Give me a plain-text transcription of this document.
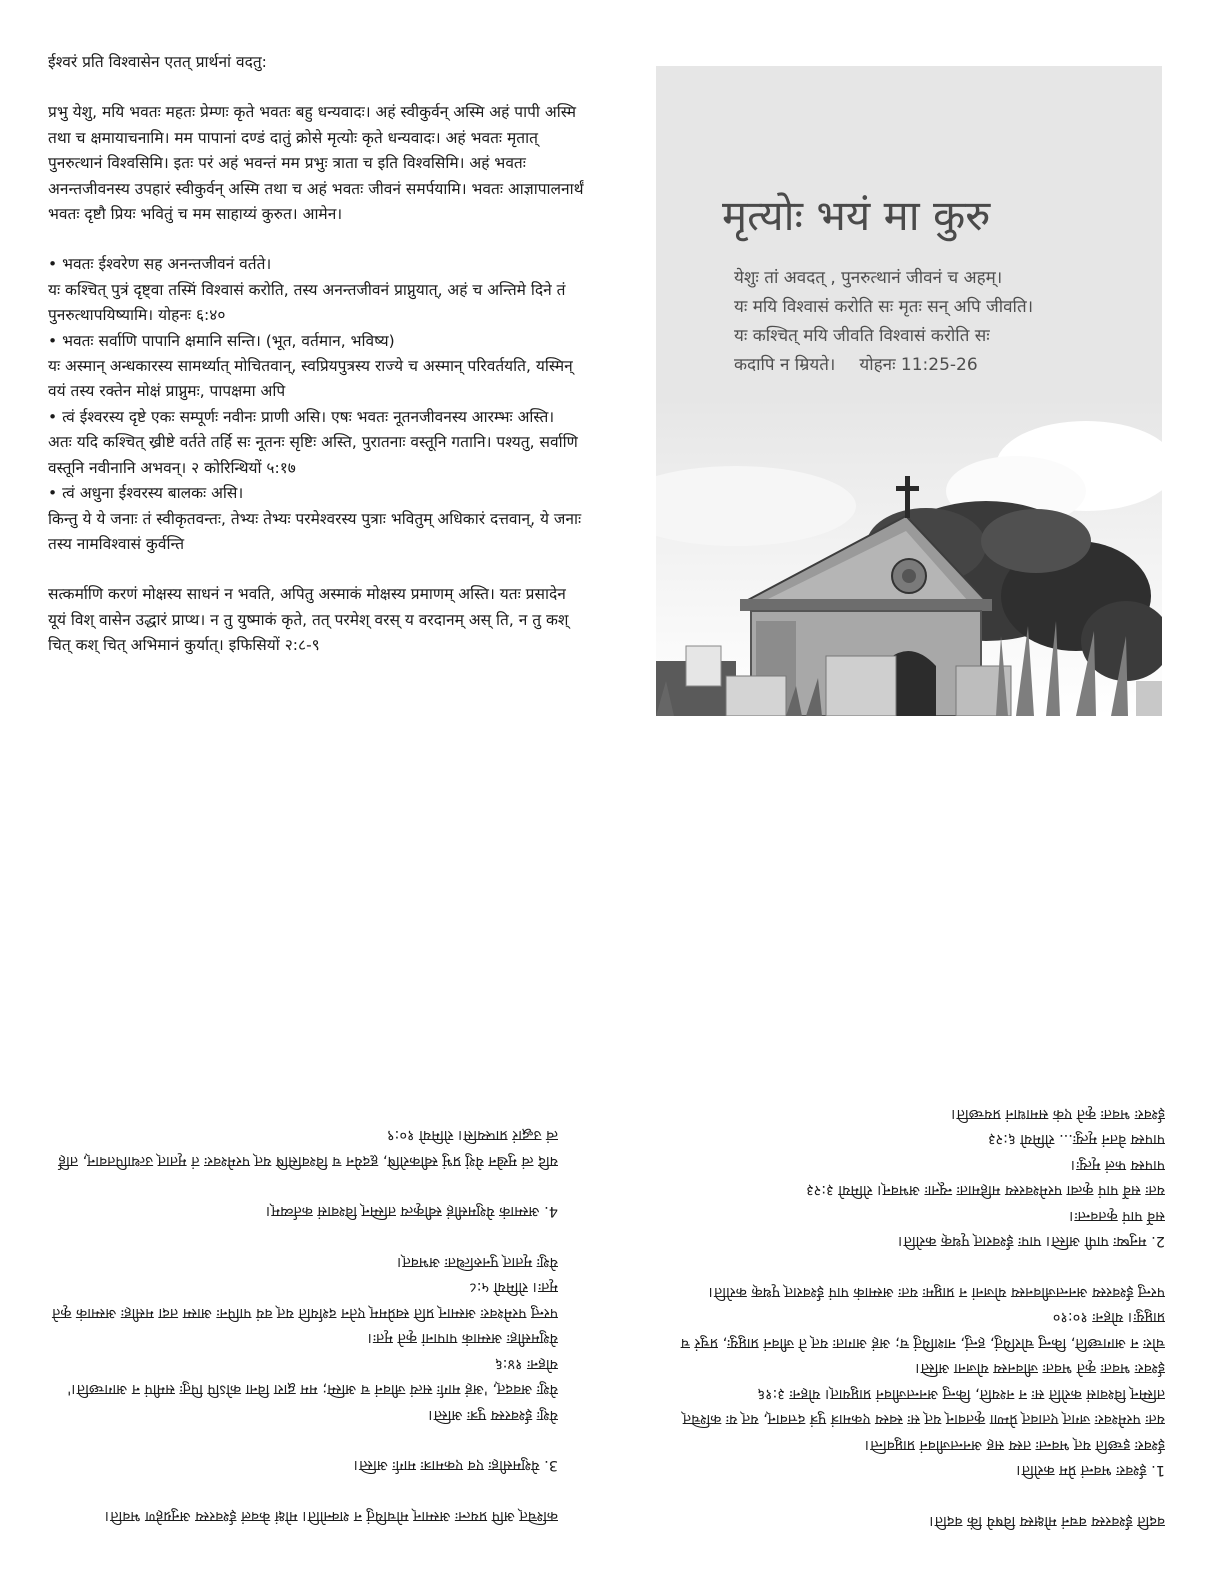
ईश्वरं प्रति विश्वासेन एतत् प्रार्थनां वदतु:

प्रभु येशु, मयि भवतः महतः प्रेम्णः कृते भवतः बहु धन्यवादः। अहं स्वीकुर्वन् अस्मि अहं पापी अस्मि तथा च क्षमायाचनामि। मम पापानां दण्डं दातुं क्रोसे मृत्योः कृते धन्यवादः। अहं भवतः मृतात् पुनरुत्थानं विश्वसिमि। इतः परं अहं भवन्तं मम प्रभुः त्राता च इति विश्वसिमि। अहं भवतः अनन्तजीवनस्य उपहारं स्वीकुर्वन् अस्मि तथा च अहं भवतः जीवनं समर्पयामि। भवतः आज्ञापालनार्थं भवतः दृष्टौ प्रियः भवितुं च मम साहाय्यं कुरुत। आमेन।

• भवतः ईश्वरेण सह अनन्तजीवनं वर्तते।

यः कश्चित् पुत्रं दृष्ट्वा तस्मिं विश्वासं करोति, तस्य अनन्तजीवनं प्राप्नुयात्, अहं च अन्तिमे दिने तं पुनरुत्थापयिष्यामि। योहनः ६:४०

• भवतः सर्वाणि पापानि क्षमानि सन्ति। (भूत, वर्तमान, भविष्य)

यः अस्मान् अन्धकारस्य सामर्थ्यात् मोचितवान्, स्वप्रियपुत्रस्य राज्ये च अस्मान् परिवर्तयति, यस्मिन् वयं तस्य रक्तेन मोक्षं प्राप्नुमः, पापक्षमा अपि

• त्वं ईश्वरस्य दृष्टे एकः सम्पूर्णः नवीनः प्राणी असि। एषः भवतः नूतनजीवनस्य आरम्भः अस्ति।

अतः यदि कश्चित् ख्रीष्टे वर्तते तर्हि सः नूतनः सृष्टिः अस्ति, पुरातनाः वस्तूनि गतानि। पश्यतु, सर्वाणि वस्तूनि नवीनानि अभवन्। २ कोरिन्थियों ५:१७

• त्वं अधुना ईश्वरस्य बालकः असि।

किन्तु ये ये जनाः तं स्वीकृतवन्तः, तेभ्यः तेभ्यः परमेश्वरस्य पुत्राः भवितुम् अधिकारं दत्तवान्, ये जनाः तस्य नामविश्वासं कुर्वन्ति

सत्कर्माणि करणं मोक्षस्य साधनं न भवति, अपितु अस्माकं मोक्षस्य प्रमाणम् अस्ति। यतः प्रसादेन यूयं विश् वासेन उद्धारं प्राप्थ। न तु युष्माकं कृते, तत् परमेश् वरस् य वरदानम् अस् ति, न तु कश् चित् कश् चित् अभिमानं कुर्यात्। इफिसियों २:८-९

मृत्योः भयं मा कुरु
येशुः तां अवदत् , पुनरुत्थानं जीवनं च अहम्।
यः मयि विश्वासं करोति सः मृतः सन् अपि जीवति।
यः कश्चित् मयि जीवति विश्वासं करोति सः
कदापि न म्रियते। योहनः 11:25-26

कश्चित् अपि प्रयत्नः अस्मान् मोचयितुं न शक्नोति। मोक्षं केवलं ईश्वरस्य अनुग्रहेण भवति।

3. येशुमसीहः एव एकमात्रः मार्गः अस्ति।

येशुः ईश्वरस्य पुत्रः अस्ति।

येशुः अवदत्, 'अहं मार्गः सत्यं जीवनं च अस्मि; मम द्वारा विना कोऽपि पितुः समीपं न आगच्छति।' योहनः १४:६

येशुमसीहः अस्माकं पापानां कृते मृतः।

परन्तु परमेश्वरः अस्मान् प्रति स्वप्रेमम् एतेन दर्शयति यत् वयं पापिनः आस्म तदा मसीहः अस्माकं कृते मृतः। रोमियो ५:८

येशुः मृतात् पुनरुत्थितः अभवत्।

4. अस्माकं येशुमसीहं स्वीकृत्य तस्मिन् विश्वासं कर्तव्यम्।

यदि त्वं मुखेन येशुं प्रभुं स्वीकरोषि, हृदयेन च विश्वसिषि यत् परमेश्वरः तं मृतात् उत्थापितवान्, तर्हि त्वं उद्धारं प्राप्स्यसि। रोमियो १०:९

वदति ईश्वरस्य वचनं मोक्षस्य विषये किं वदति।

1. ईश्वरः भवन्तं प्रेम करोति।

ईश्वरः इच्छति यत् भवन्तः तस्य सह अनन्तजीवनं प्राप्नुवन्ति।

यतः परमेश्वरः जगत् एतावत् प्रेम्णा कृतवान् यत् सः स्वस्य एकमात्रं पुत्रं दत्तवान्, यत् यः कश्चित् तस्मिन् विश्वासं करोति सः न नश्यति, किन्तु अनन्तजीवनं प्राप्नुयात्। योहनः ३:१६

ईश्वरः भवतः कृते भवतः जीवनस्य योजना अस्ति।

चोरः न आगच्छति, किन्तु चोरयितुं, हन्तुं, नाशयितुं च; अहं आगतः यत् ते जीवनं प्राप्नुयुः, प्रचुरं च प्राप्नुयुः। योहनः १०:१०

परन्तु ईश्वरस्य अनन्तजीवनस्य योजनां न प्राप्नुमः यतः अस्माकं पापं ईश्वरात् पृथक् करोति।

2. मनुष्यः पापी अस्ति। पापः ईश्वरात् पृथक् करोति।

सर्वे पापं कृतवन्तः।

यतः सर्वे पापं कृत्वा परमेश्वरस्य महिमातः न्यूनाः अभवन्। रोमियो ३:२३

पापस्य फलं मृत्युः।

पापस्य वेतनं मृत्युः... रोमियो ६:२३

ईश्वरः भवतः कृते एकं समाधानं प्रयच्छति।
